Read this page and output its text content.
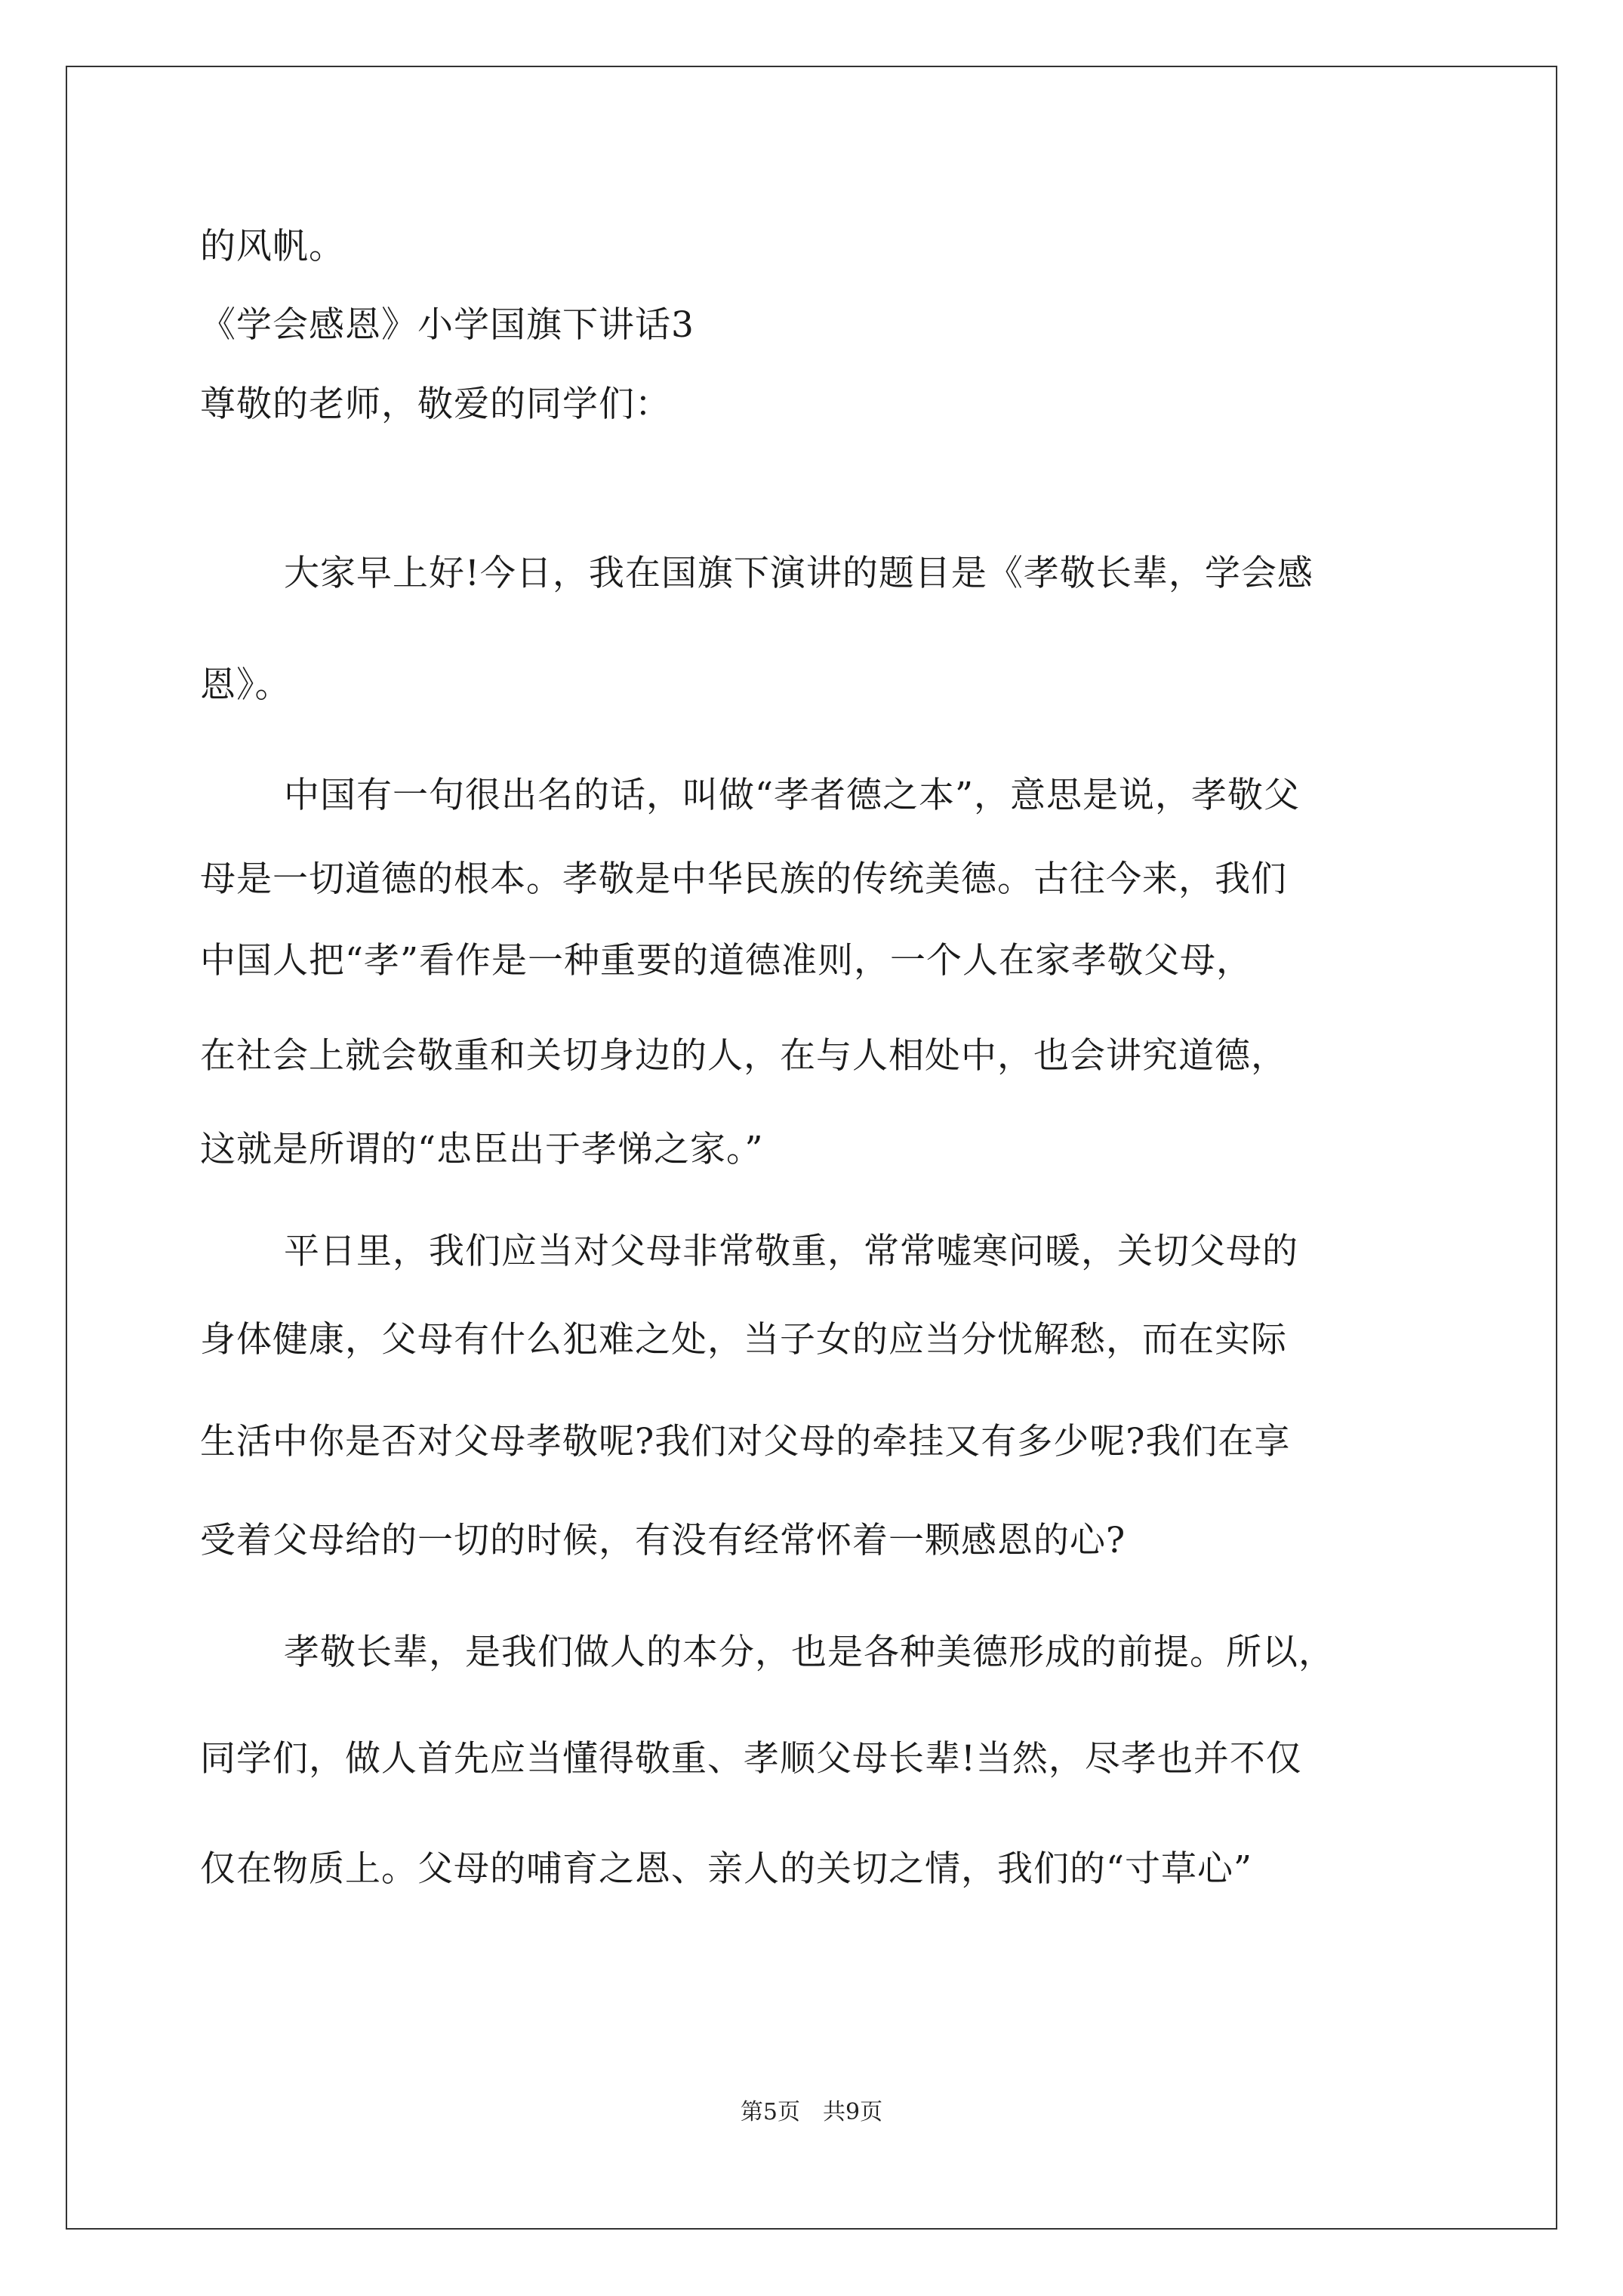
的风帆。
《学会感恩》小学国旗下讲话3
尊敬的老师，敬爱的同学们：
大家早上好!今日，我在国旗下演讲的题目是《孝敬长辈，学会感
恩》。
中国有一句很出名的话，叫做“孝者德之本”，意思是说，孝敬父
母是一切道德的根本。孝敬是中华民族的传统美德。古往今来，我们
中国人把“孝”看作是一种重要的道德准则，一个人在家孝敬父母，
在社会上就会敬重和关切身边的人，在与人相处中，也会讲究道德，
这就是所谓的“忠臣出于孝悌之家。”
平日里，我们应当对父母非常敬重，常常嘘寒问暖，关切父母的
身体健康，父母有什么犯难之处，当子女的应当分忧解愁，而在实际
生活中你是否对父母孝敬呢?我们对父母的牵挂又有多少呢?我们在享
受着父母给的一切的时候，有没有经常怀着一颗感恩的心?
孝敬长辈，是我们做人的本分，也是各种美德形成的前提。所以，
同学们，做人首先应当懂得敬重、孝顺父母长辈!当然，尽孝也并不仅
仅在物质上。父母的哺育之恩、亲人的关切之情，我们的“寸草心”
第5页　共9页
